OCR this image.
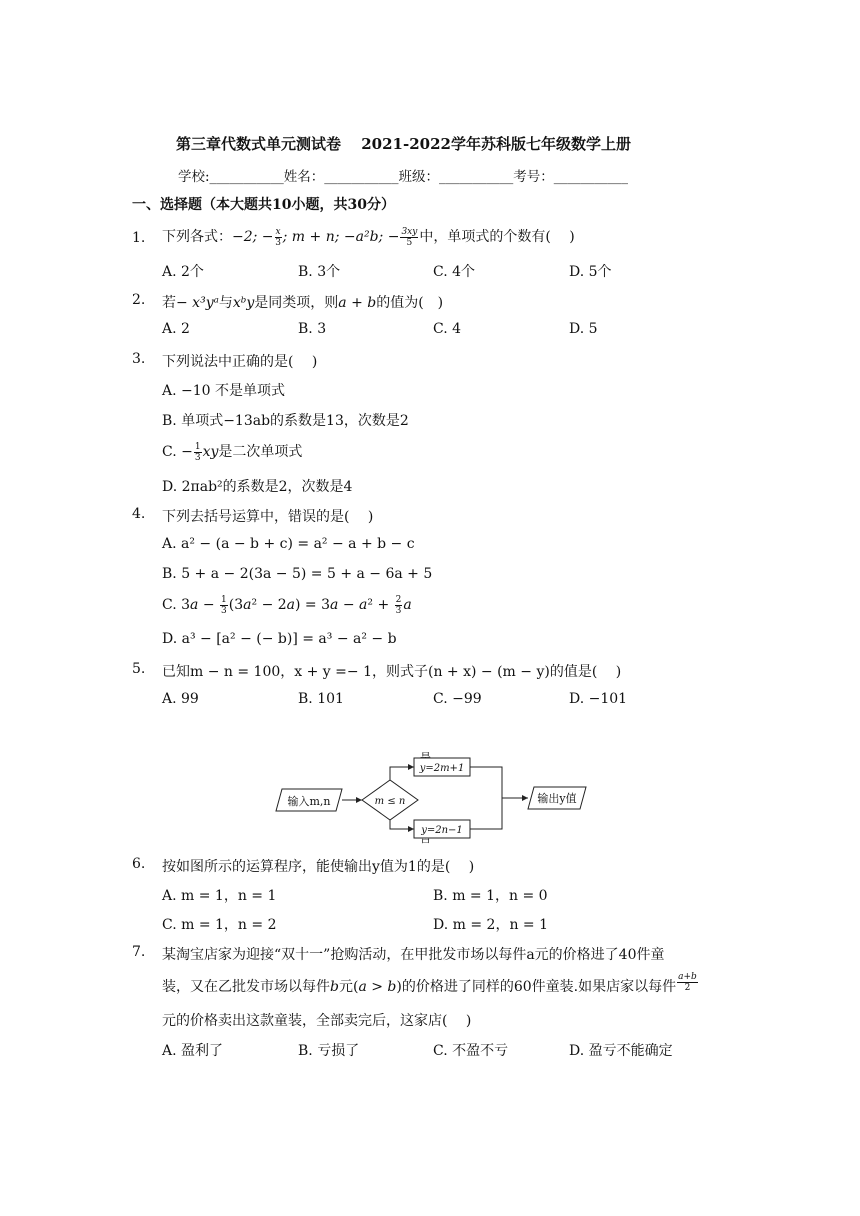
第三章代数式单元测试卷　 2021-2022学年苏科版七年级数学上册
学校:___________姓名：___________班级：___________考号：___________
一、选择题（本大题共10小题，共30分）
1. 下列各式：−2; − $\frac{x}{3}$ ; m + n; −a²b; − $\frac{3xy}{5}$ 中，单项式的个数有(　 )
A. 2个	B. 3个	C. 4个	D. 5个
2. 若− x³yᵃ与xᵇy是同类项，则a + b的值为(　)
A. 2	B. 3	C. 4	D. 5
3. 下列说法中正确的是(　 )
A. −10 不是单项式
B. 单项式−13ab的系数是13，次数是2
C. − $\frac{1}{3}$ xy是二次单项式
D. 2πab²的系数是2，次数是4
4. 下列去括号运算中，错误的是(　 )
A. a² − (a − b + c) = a² − a + b − c
B. 5 + a − 2(3a − 5) = 5 + a − 6a + 5
C. $3a - \frac{1}{3} (3a^2 - 2a) = 3a - a^2 + \frac{2}{3}$ a
D. a³ − [a² − (− b)] = a³ − a² − b
5. 已知m − n = 100，x + y =− 1，则式子(n + x) − (m − y)的值是(　 )
A. 99	B. 101	C. −99	D. −101
输入m,n	m ≤ n
y=2m+1
y=2n−1
输出y值
6. 按如图所示的运算程序，能使输出y值为1的是(　 )
A. m = 1，n = 1	B. m = 1，n = 0
C. m = 1，n = 2	D. m = 2，n = 1
7. 某淘宝店家为迎接“双十一”抢购活动，在甲批发市场以每件a元的价格进了40件童
装，又在乙批发市场以每件b元(a > b)的价格进了同样的60件童装.如果店家以每件 $\frac{a+b}{2}$
元的价格卖出这款童装，全部卖完后，这家店(　 )
A. 盈利了	B. 亏损了	C. 不盈不亏	D. 盈亏不能确定
